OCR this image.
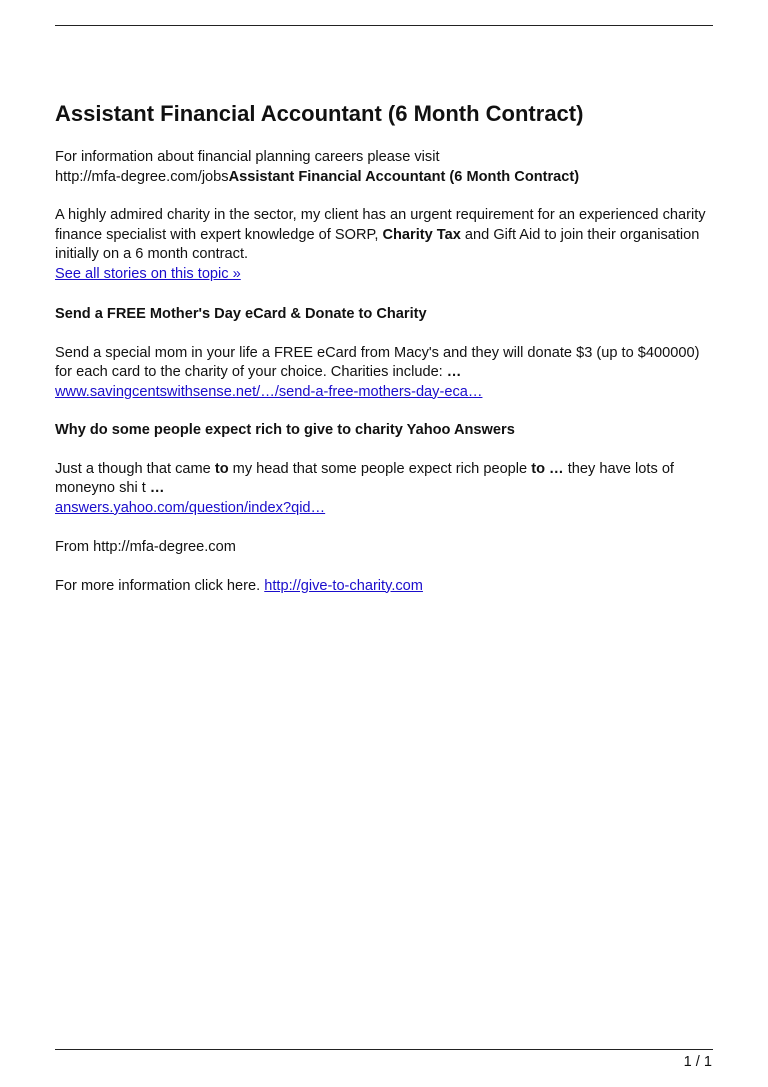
Assistant Financial Accountant (6 Month Contract)

For information about financial planning careers please visit
http://mfa-degree.com/jobsAssistant Financial Accountant (6 Month Contract)

A highly admired charity in the sector, my client has an urgent requirement for an experienced charity finance specialist with expert knowledge of SORP, Charity Tax and Gift Aid to join their organisation initially on a 6 month contract.
See all stories on this topic »

Send a FREE Mother's Day eCard & Donate to Charity

Send a special mom in your life a FREE eCard from Macy's and they will donate $3 (up to $400000) for each card to the charity of your choice. Charities include: …
www.savingcentswithsense.net/…/send-a-free-mothers-day-eca…

Why do some people expect rich to give to charity Yahoo Answers

Just a though that came to my head that some people expect rich people to … they have lots of moneyno shi t …
answers.yahoo.com/question/index?qid…

From http://mfa-degree.com

For more information click here. http://give-to-charity.com

1 / 1
